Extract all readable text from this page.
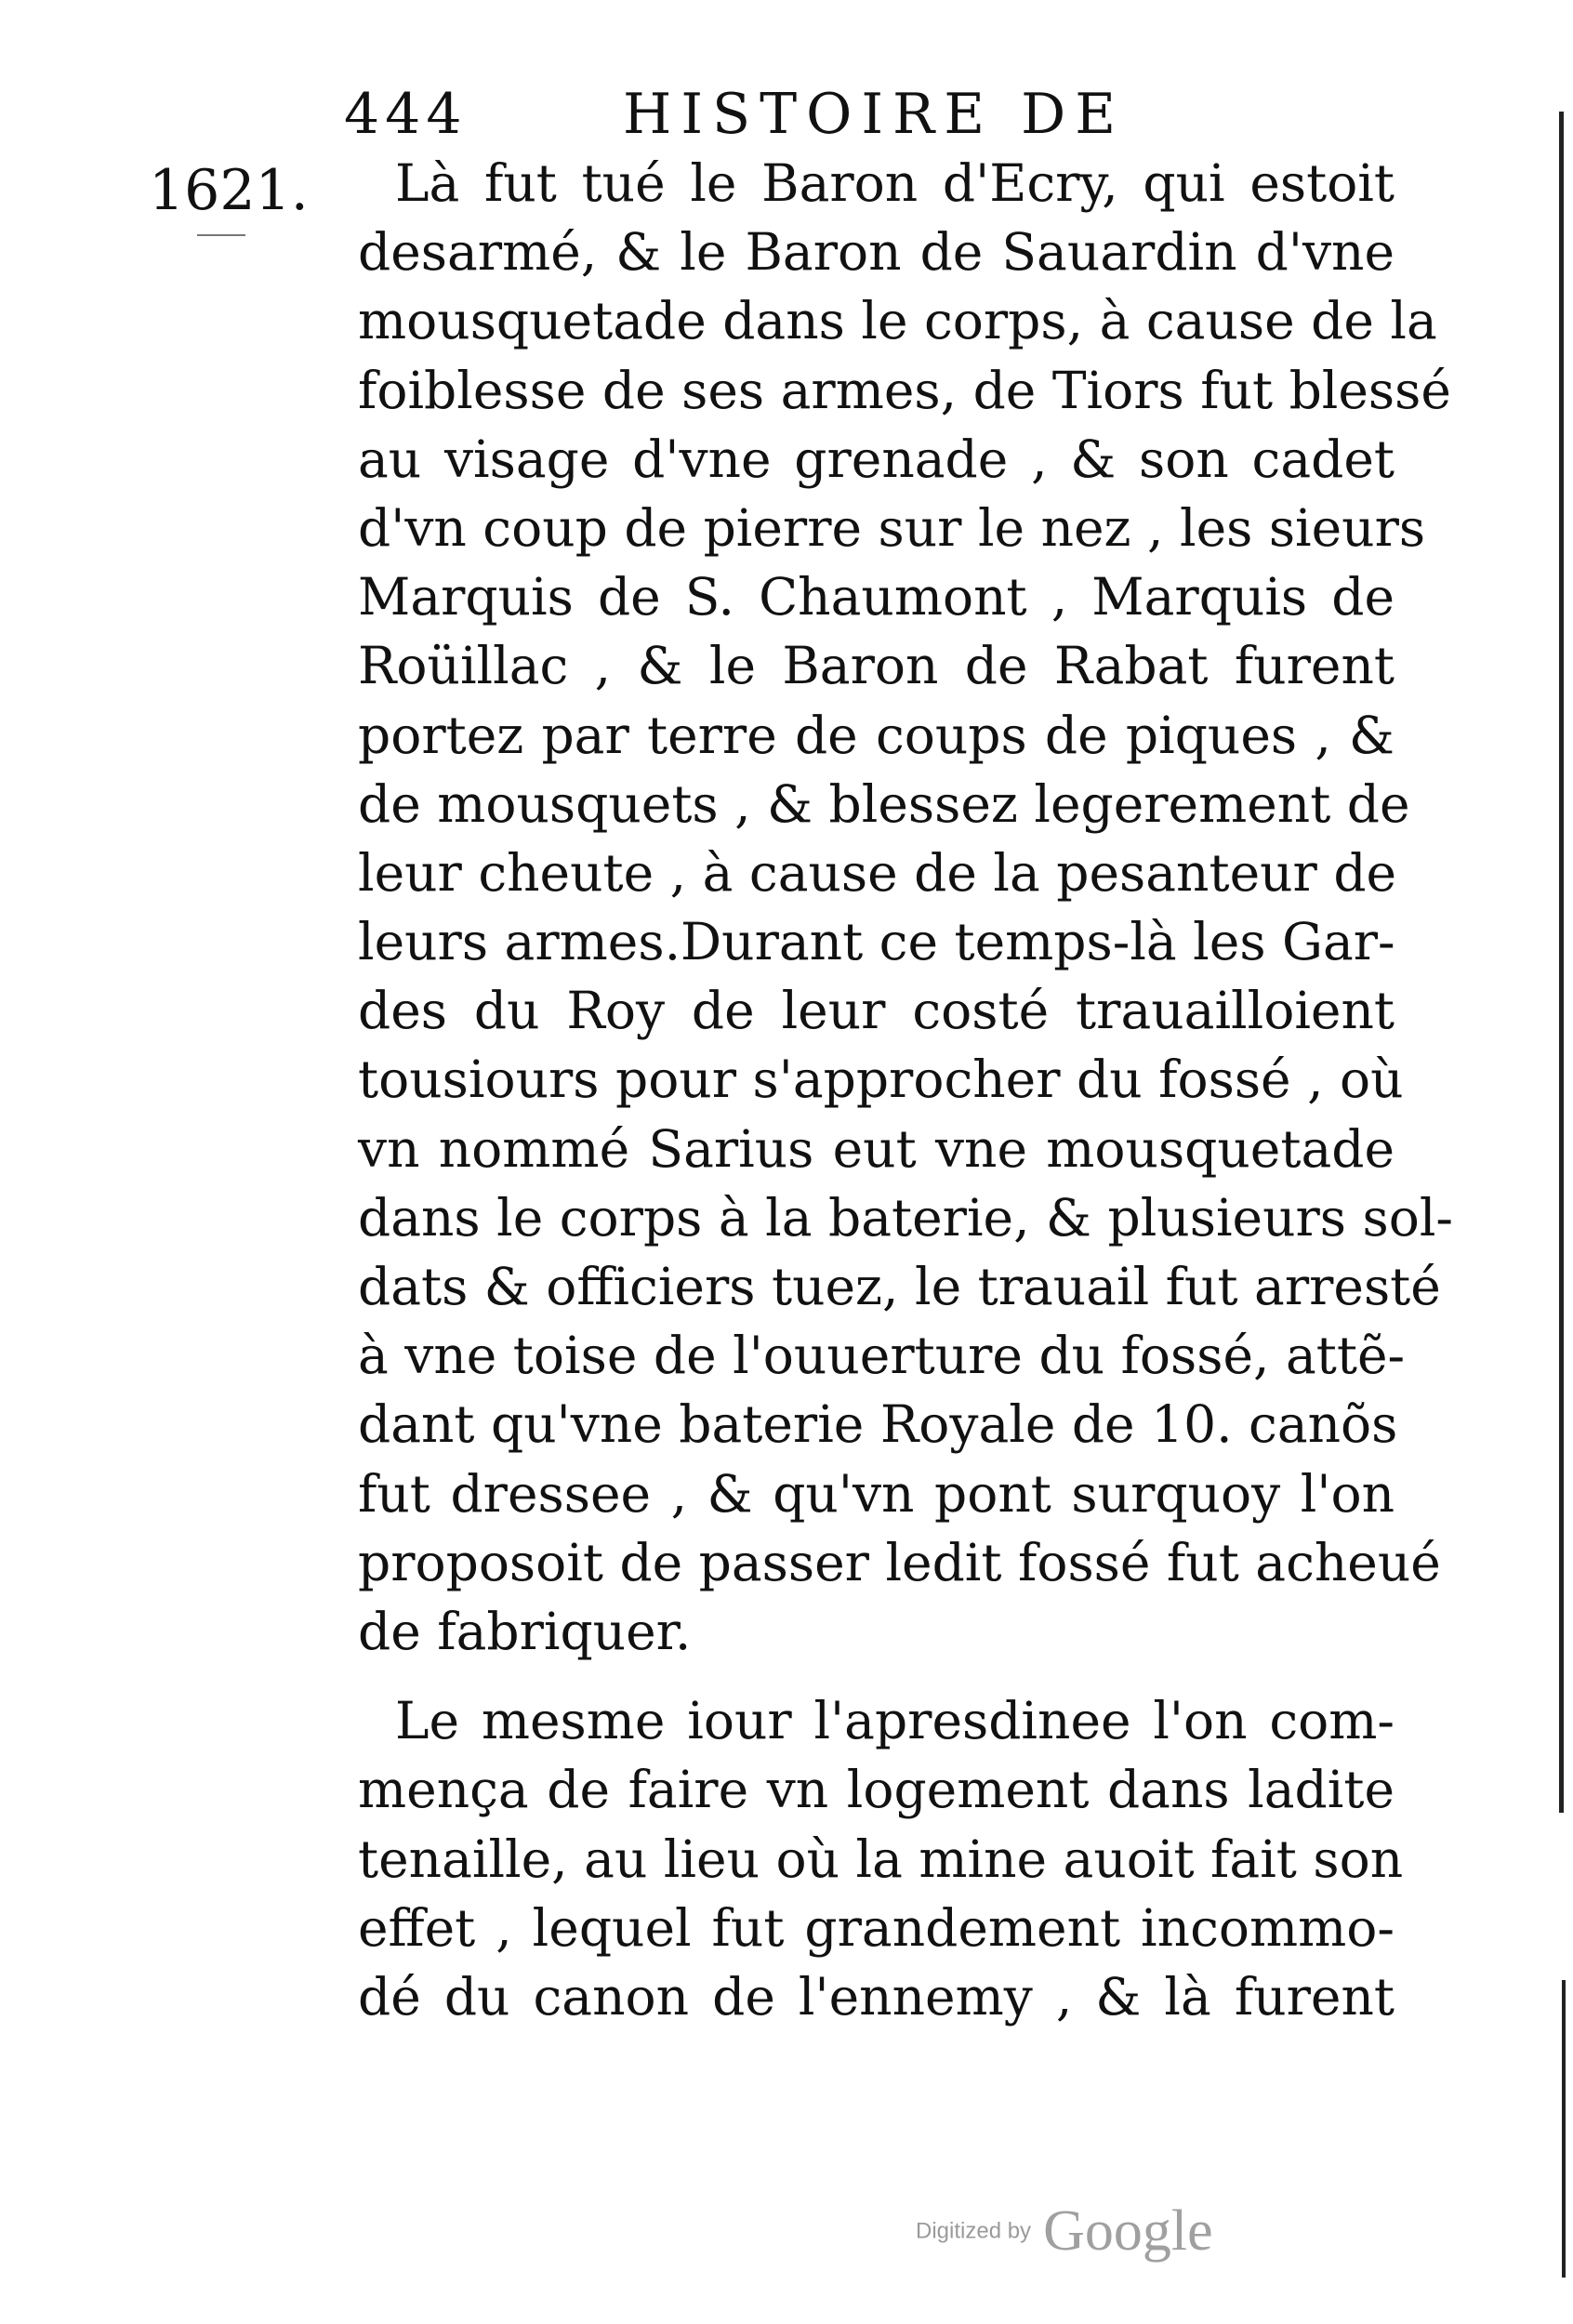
444	HISTOIRE DE
1621.	Là fut tué le Baron d'Ecry, qui estoit
desarmé, & le Baron de Sauardin d'vne
mousquetade dans le corps, à cause de la
foiblesse de ses armes, de Tiors fut blessé
au visage d'vne grenade , & son cadet
d'vn coup de pierre sur le nez , les sieurs
Marquis de S. Chaumont , Marquis de
Roüillac , & le Baron de Rabat furent
portez par terre de coups de piques , &
de mousquets , & blessez legerement de
leur cheute , à cause de la pesanteur de
leurs armes.Durant ce temps-là les Gar-
des du Roy de leur costé trauailloient
tousiours pour s'approcher du fossé , où
vn nommé Sarius eut vne mousquetade
dans le corps à la baterie, & plusieurs sol-
dats & officiers tuez, le trauail fut arresté
à vne toise de l'ouuerture du fossé, attẽ-
dant qu'vne baterie Royale de 10. canõs
fut dressee , & qu'vn pont surquoy l'on
proposoit de passer ledit fossé fut acheué
de fabriquer.
Le mesme iour l'apresdinee l'on com-
mença de faire vn logement dans ladite
tenaille, au lieu où la mine auoit fait son
effet , lequel fut grandement incommo-
dé du canon de l'ennemy , & là furent
Digitized by Google
